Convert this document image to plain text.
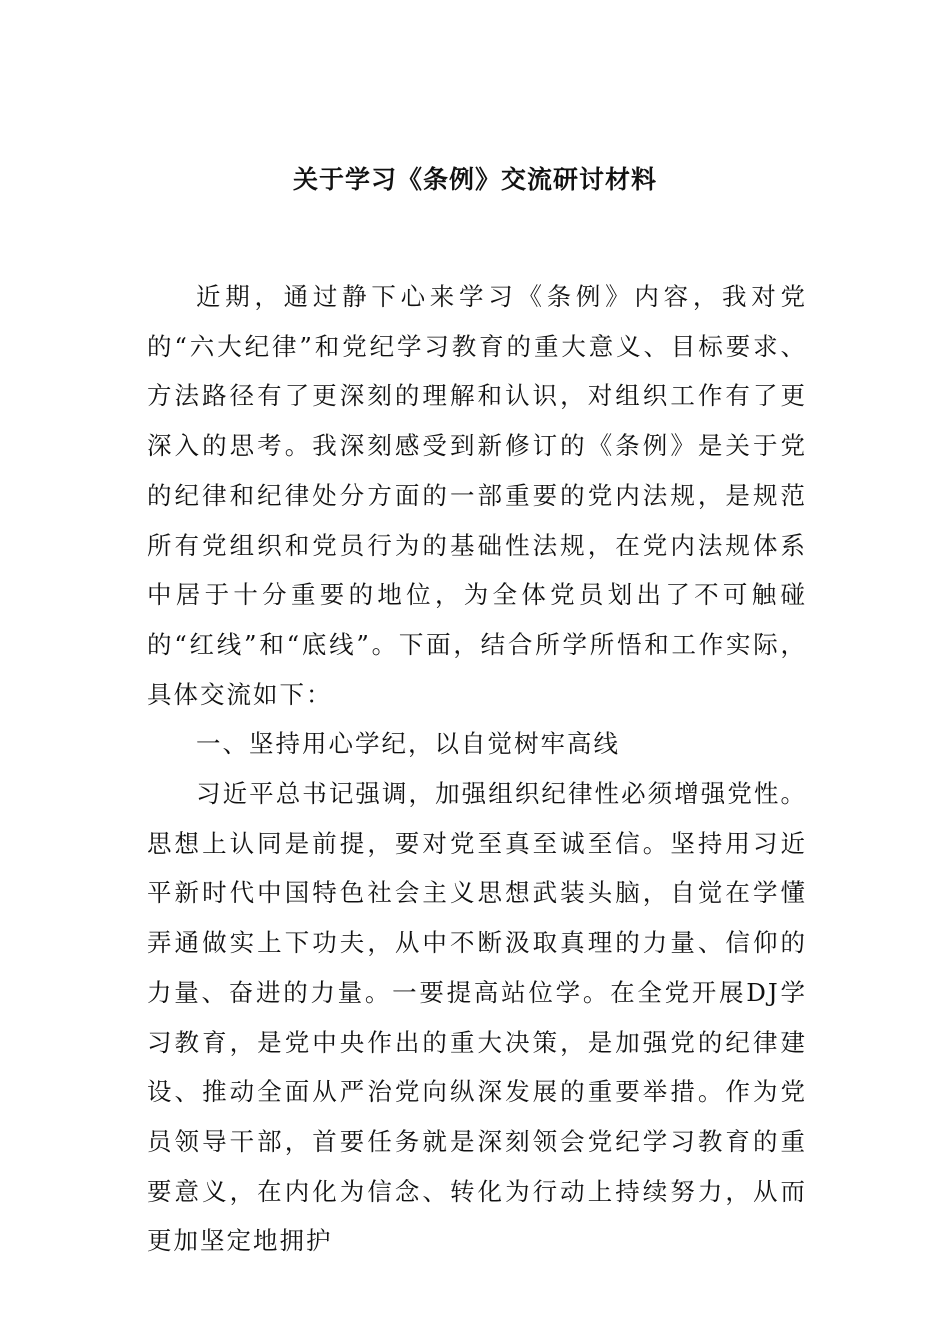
关于学习《条例》交流研讨材料

近期，通过静下心来学习《条例》内容，我对党的“六大纪律”和党纪学习教育的重大意义、目标要求、方法路径有了更深刻的理解和认识，对组织工作有了更深入的思考。我深刻感受到新修订的《条例》是关于党的纪律和纪律处分方面的一部重要的党内法规，是规范所有党组织和党员行为的基础性法规，在党内法规体系中居于十分重要的地位，为全体党员划出了不可触碰的“红线”和“底线”。下面，结合所学所悟和工作实际，具体交流如下：

一、坚持用心学纪，以自觉树牢高线

习近平总书记强调，加强组织纪律性必须增强党性。思想上认同是前提，要对党至真至诚至信。坚持用习近平新时代中国特色社会主义思想武装头脑，自觉在学懂弄通做实上下功夫，从中不断汲取真理的力量、信仰的力量、奋进的力量。一要提高站位学。在全党开展DJ学习教育，是党中央作出的重大决策，是加强党的纪律建设、推动全面从严治党向纵深发展的重要举措。作为党员领导干部，首要任务就是深刻领会党纪学习教育的重要意义，在内化为信念、转化为行动上持续努力，从而更加坚定地拥护
